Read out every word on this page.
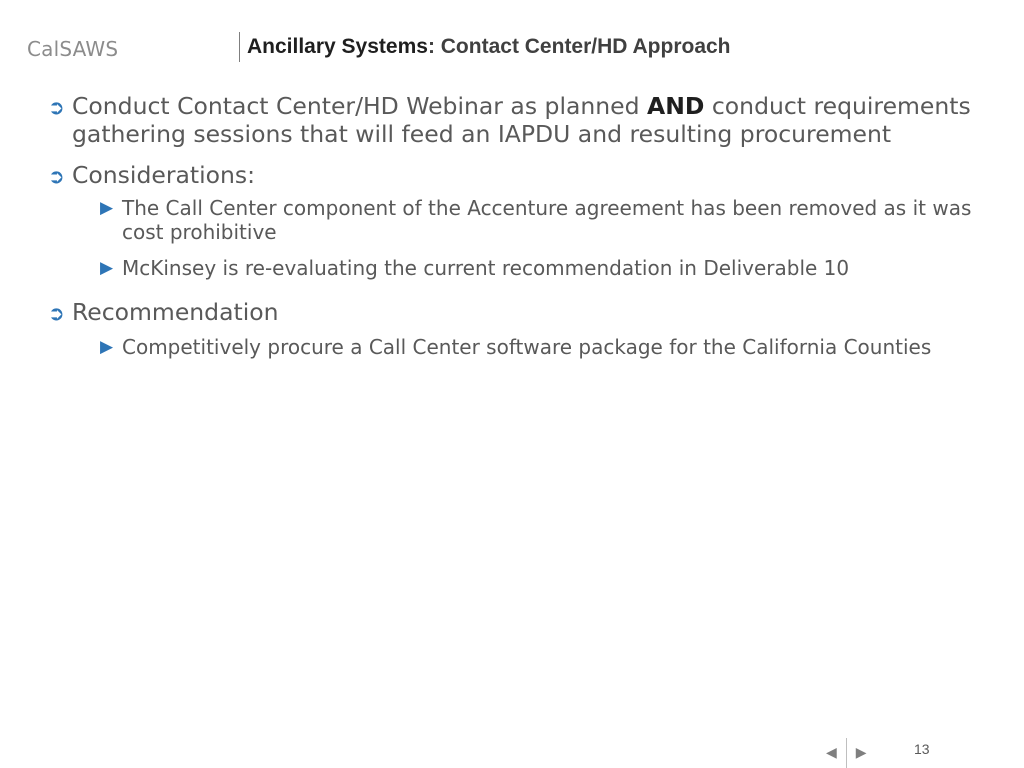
CalSAWS	Ancillary Systems: Contact Center/HD Approach
➲ Conduct Contact Center/HD Webinar as planned AND conduct requirements gathering sessions that will feed an IAPDU and resulting procurement
➲ Considerations:
▶ The Call Center component of the Accenture agreement has been removed as it was cost prohibitive
▶ McKinsey is re-evaluating the current recommendation in Deliverable 10
➲ Recommendation
▶ Competitively procure a Call Center software package for the California Counties
◀ ▶	13
